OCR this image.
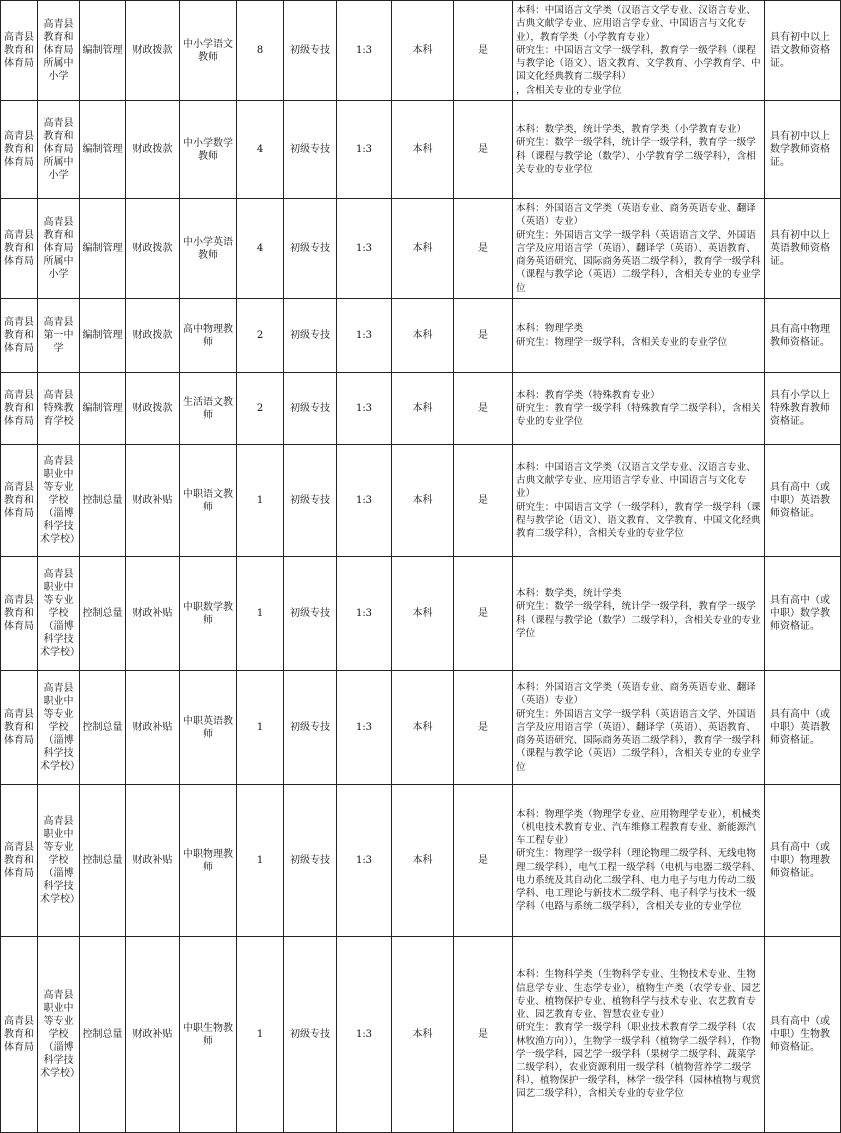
高青县教育和体育局	高青县教育和体育局所属中小学	编制管理	财政拨款	中小学语文教师	8	初级专技	1:3	本科	是	本科：中国语言文学类（汉语言文学专业、汉语言专业、古典文献学专业、应用语言学专业、中国语言与文化专业），教育学类（小学教育专业）
研究生：中国语言文学一级学科，教育学一级学科（课程与教学论（语文）、语文教育、文学教育、小学教育学、中国文化经典教育二级学科）
，含相关专业的专业学位	具有初中以上语文教师资格证。
高青县教育和体育局	高青县教育和体育局所属中小学	编制管理	财政拨款	中小学数学教师	4	初级专技	1:3	本科	是	本科：数学类，统计学类，教育学类（小学教育专业）
研究生：数学一级学科，统计学一级学科，教育学一级学科（课程与教学论（数学）、小学教育学二级学科），含相关专业的专业学位	具有初中以上数学教师资格证。
高青县教育和体育局	高青县教育和体育局所属中小学	编制管理	财政拨款	中小学英语教师	4	初级专技	1:3	本科	是	本科：外国语言文学类（英语专业、商务英语专业、翻译（英语）专业）
研究生：外国语言文学一级学科（英语语言文学、外国语言学及应用语言学（英语）、翻译学（英语）、英语教育、商务英语研究、国际商务英语二级学科），教育学一级学科（课程与教学论（英语）二级学科），含相关专业的专业学位	具有初中以上英语教师资格证。
高青县教育和体育局	高青县第一中学	编制管理	财政拨款	高中物理教师	2	初级专技	1:3	本科	是	本科：物理学类
研究生：物理学一级学科，含相关专业的专业学位	具有高中物理教师资格证。
高青县教育和体育局	高青县特殊教育学校	编制管理	财政拨款	生活语文教师	2	初级专技	1:3	本科	是	本科：教育学类（特殊教育专业）
研究生：教育学一级学科（特殊教育学二级学科），含相关专业的专业学位	具有小学以上特殊教育教师资格证。
高青县教育和体育局	高青县职业中等专业学校（淄博科学技术学校）	控制总量	财政补贴	中职语文教师	1	初级专技	1:3	本科	是	本科：中国语言文学类（汉语言文学专业、汉语言专业、古典文献学专业、应用语言学专业、中国语言与文化专业）
研究生：中国语言文学（一级学科），教育学一级学科（课程与教学论（语文）、语文教育、文学教育、中国文化经典教育二级学科），含相关专业的专业学位	具有高中（或中职）英语教师资格证。
高青县教育和体育局	高青县职业中等专业学校（淄博科学技术学校）	控制总量	财政补贴	中职数学教师	1	初级专技	1:3	本科	是	本科：数学类，统计学类
研究生：数学一级学科，统计学一级学科，教育学一级学科（课程与教学论（数学）二级学科），含相关专业的专业学位	具有高中（或中职）数学教师资格证。
高青县教育和体育局	高青县职业中等专业学校（淄博科学技术学校）	控制总量	财政补贴	中职英语教师	1	初级专技	1:3	本科	是	本科：外国语言文学类（英语专业、商务英语专业、翻译（英语）专业）
研究生：外国语言文学一级学科（英语语言文学、外国语言学及应用语言学（英语）、翻译学（英语）、英语教育、商务英语研究、国际商务英语二级学科），教育学一级学科（课程与教学论（英语）二级学科），含相关专业的专业学位	具有高中（或中职）英语教师资格证。
高青县教育和体育局	高青县职业中等专业学校（淄博科学技术学校）	控制总量	财政补贴	中职物理教师	1	初级专技	1:3	本科	是	本科：物理学类（物理学专业、应用物理学专业），机械类（机电技术教育专业、汽车维修工程教育专业、新能源汽车工程专业）
研究生：物理学一级学科（理论物理二级学科、无线电物理二级学科），电气工程一级学科（电机与电器二级学科、电力系统及其自动化二级学科、电力电子与电力传动二级学科、电工理论与新技术二级学科、电子科学与技术一级学科（电路与系统二级学科），含相关专业的专业学位	具有高中（或中职）物理教师资格证。
高青县教育和体育局	高青县职业中等专业学校（淄博科学技术学校）	控制总量	财政补贴	中职生物教师	1	初级专技	1:3	本科	是	本科：生物科学类（生物科学专业、生物技术专业、生物信息学专业、生态学专业），植物生产类（农学专业、园艺专业、植物保护专业、植物科学与技术专业、农艺教育专业、园艺教育专业、智慧农业专业）
研究生：教育学一级学科（职业技术教育学二级学科（农林牧渔方向）），生物学一级学科（植物学二级学科），作物学一级学科，园艺学一级学科（果树学二级学科、蔬菜学二级学科），农业资源利用一级学科（植物营养学二级学科），植物保护一级学科，林学一级学科（园林植物与观赏园艺二级学科），含相关专业的专业学位	具有高中（或中职）生物教师资格证。
